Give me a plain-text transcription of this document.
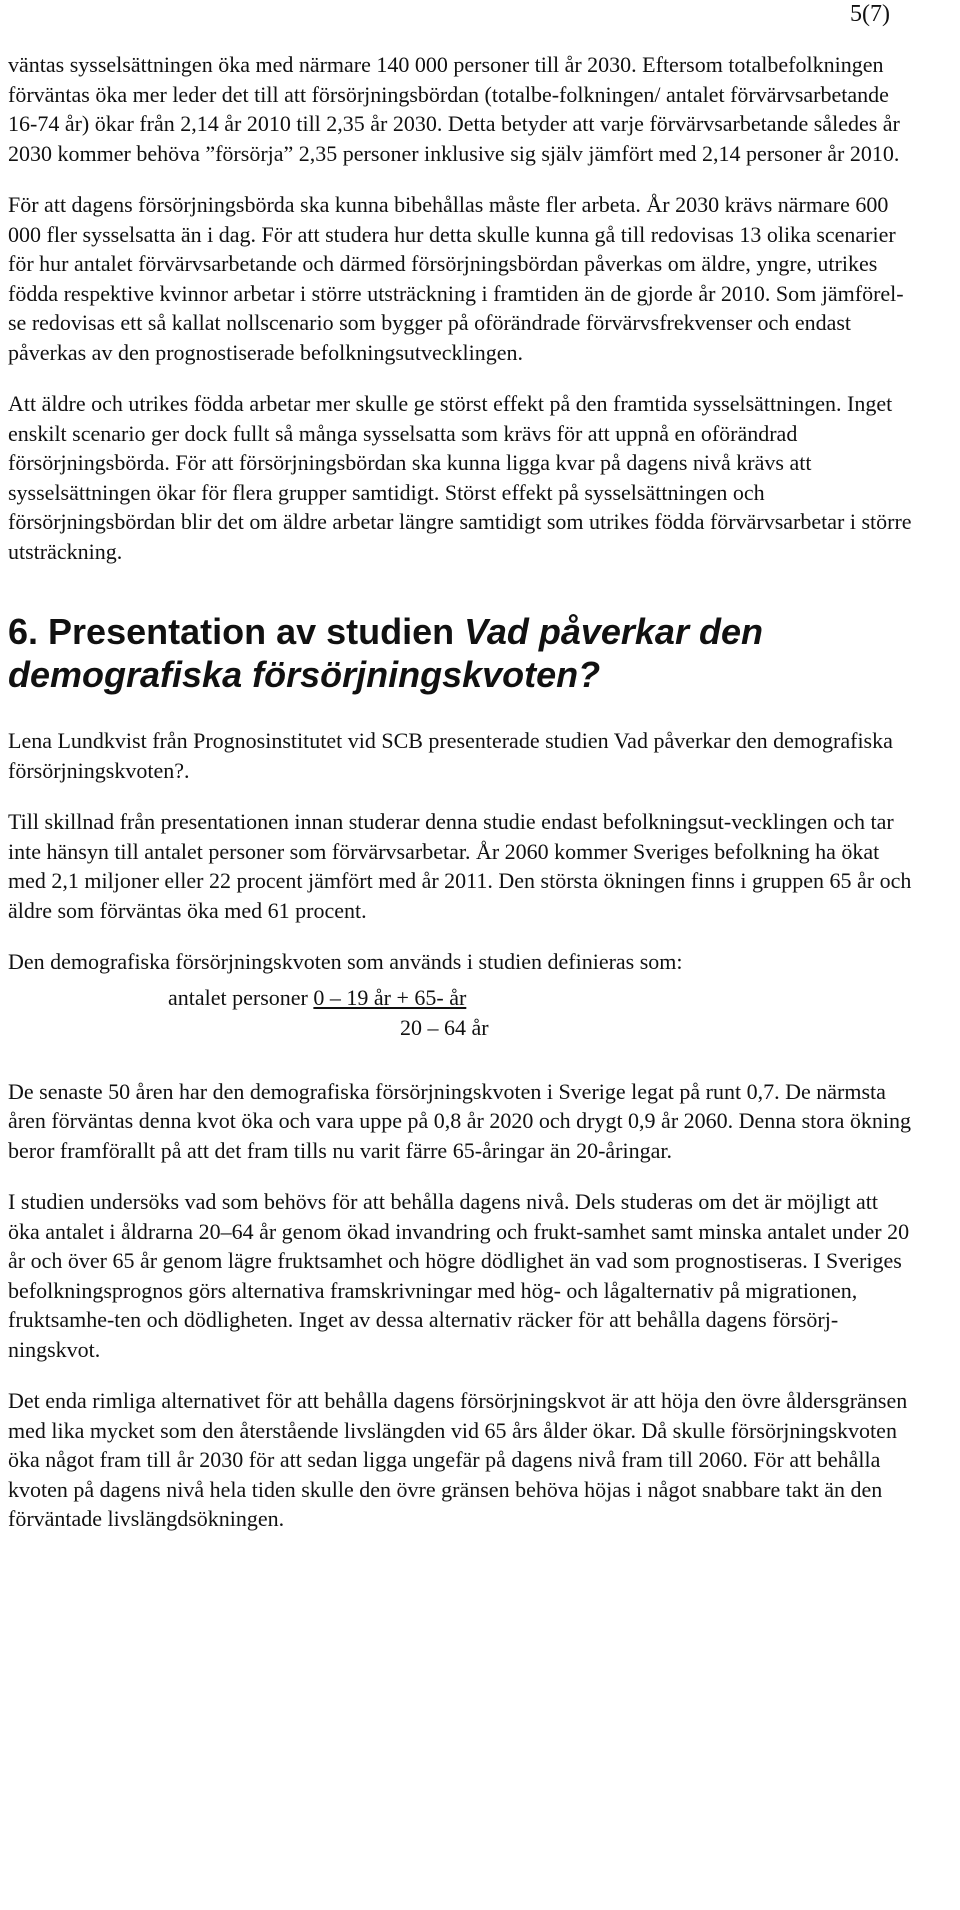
5(7)

väntas sysselsättningen öka med närmare 140 000 personer till år 2030. Eftersom totalbefolkningen förväntas öka mer leder det till att försörjningsbördan (totalbe-folkningen/ antalet förvärvsarbetande 16-74 år) ökar från 2,14 år 2010 till 2,35 år 2030. Detta betyder att varje förvärvsarbetande således år 2030 kommer behöva ”försörja” 2,35 personer inklusive sig själv jämfört med 2,14 personer år 2010.

För att dagens försörjningsbörda ska kunna bibehållas måste fler arbeta. År 2030 krävs närmare 600 000 fler sysselsatta än i dag. För att studera hur detta skulle kunna gå till redovisas 13 olika scenarier för hur antalet förvärvsarbetande och därmed försörjningsbördan påverkas om äldre, yngre, utrikes födda respektive kvinnor arbetar i större utsträckning i framtiden än de gjorde år 2010. Som jämförel-se redovisas ett så kallat nollscenario som bygger på oförändrade förvärvsfrekvenser och endast påverkas av den prognostiserade befolkningsutvecklingen.

Att äldre och utrikes födda arbetar mer skulle ge störst effekt på den framtida sysselsättningen. Inget enskilt scenario ger dock fullt så många sysselsatta som krävs för att uppnå en oförändrad försörjningsbörda. För att försörjningsbördan ska kunna ligga kvar på dagens nivå krävs att sysselsättningen ökar för flera grupper samtidigt. Störst effekt på sysselsättningen och försörjningsbördan blir det om äldre arbetar längre samtidigt som utrikes födda förvärvsarbetar i större utsträckning.

6. Presentation av studien Vad påverkar den demografiska försörjningskvoten?

Lena Lundkvist från Prognosinstitutet vid SCB presenterade studien Vad påverkar den demografiska försörjningskvoten?.

Till skillnad från presentationen innan studerar denna studie endast befolkningsut-vecklingen och tar inte hänsyn till antalet personer som förvärvsarbetar. År 2060 kommer Sveriges befolkning ha ökat med 2,1 miljoner eller 22 procent jämfört med år 2011. Den största ökningen finns i gruppen 65 år och äldre som förväntas öka med 61 procent.

Den demografiska försörjningskvoten som används i studien definieras som:

antalet personer 0 – 19 år + 65- år
20 – 64 år

De senaste 50 åren har den demografiska försörjningskvoten i Sverige legat på runt 0,7. De närmsta åren förväntas denna kvot öka och vara uppe på 0,8 år 2020 och drygt 0,9 år 2060. Denna stora ökning beror framförallt på att det fram tills nu varit färre 65-åringar än 20-åringar.

I studien undersöks vad som behövs för att behålla dagens nivå. Dels studeras om det är möjligt att öka antalet i åldrarna 20–64 år genom ökad invandring och frukt-samhet samt minska antalet under 20 år och över 65 år genom lägre fruktsamhet och högre dödlighet än vad som prognostiseras. I Sveriges befolkningsprognos görs alternativa framskrivningar med hög- och lågalternativ på migrationen, fruktsamhe-ten och dödligheten. Inget av dessa alternativ räcker för att behålla dagens försörj-ningskvot.

Det enda rimliga alternativet för att behålla dagens försörjningskvot är att höja den övre åldersgränsen med lika mycket som den återstående livslängden vid 65 års ålder ökar. Då skulle försörjningskvoten öka något fram till år 2030 för att sedan ligga ungefär på dagens nivå fram till 2060. För att behålla kvoten på dagens nivå hela tiden skulle den övre gränsen behöva höjas i något snabbare takt än den förväntade livslängdsökningen.
